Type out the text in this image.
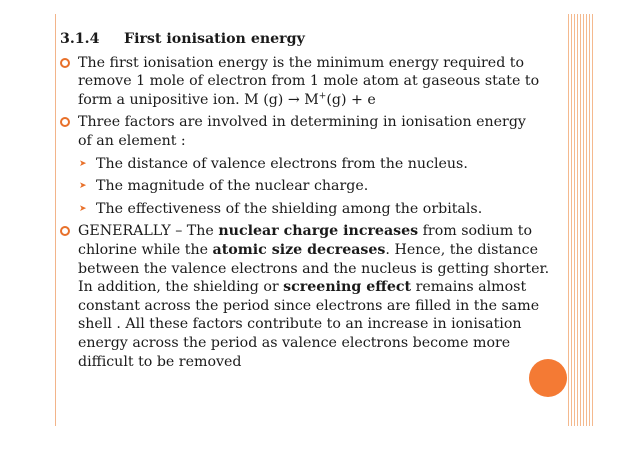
3.1.4 First ionisation energy
The first ionisation energy is the minimum energy required to
remove 1 mole of electron from 1 mole atom at gaseous state to
form a unipositive ion. M (g) → M+(g) + e
Three factors are involved in determining in ionisation energy
of an element :
➤ The distance of valence electrons from the nucleus.
➤ The magnitude of the nuclear charge.
➤ The effectiveness of the shielding among the orbitals.
GENERALLY – The nuclear charge increases from sodium to chlorine while the atomic size decreases. Hence, the distance between the valence electrons and the nucleus is getting shorter. In addition, the shielding or screening effect remains almost constant across the period since electrons are filled in the same shell . All these factors contribute to an increase in ionisation energy across the period as valence electrons become more difficult to be removed
